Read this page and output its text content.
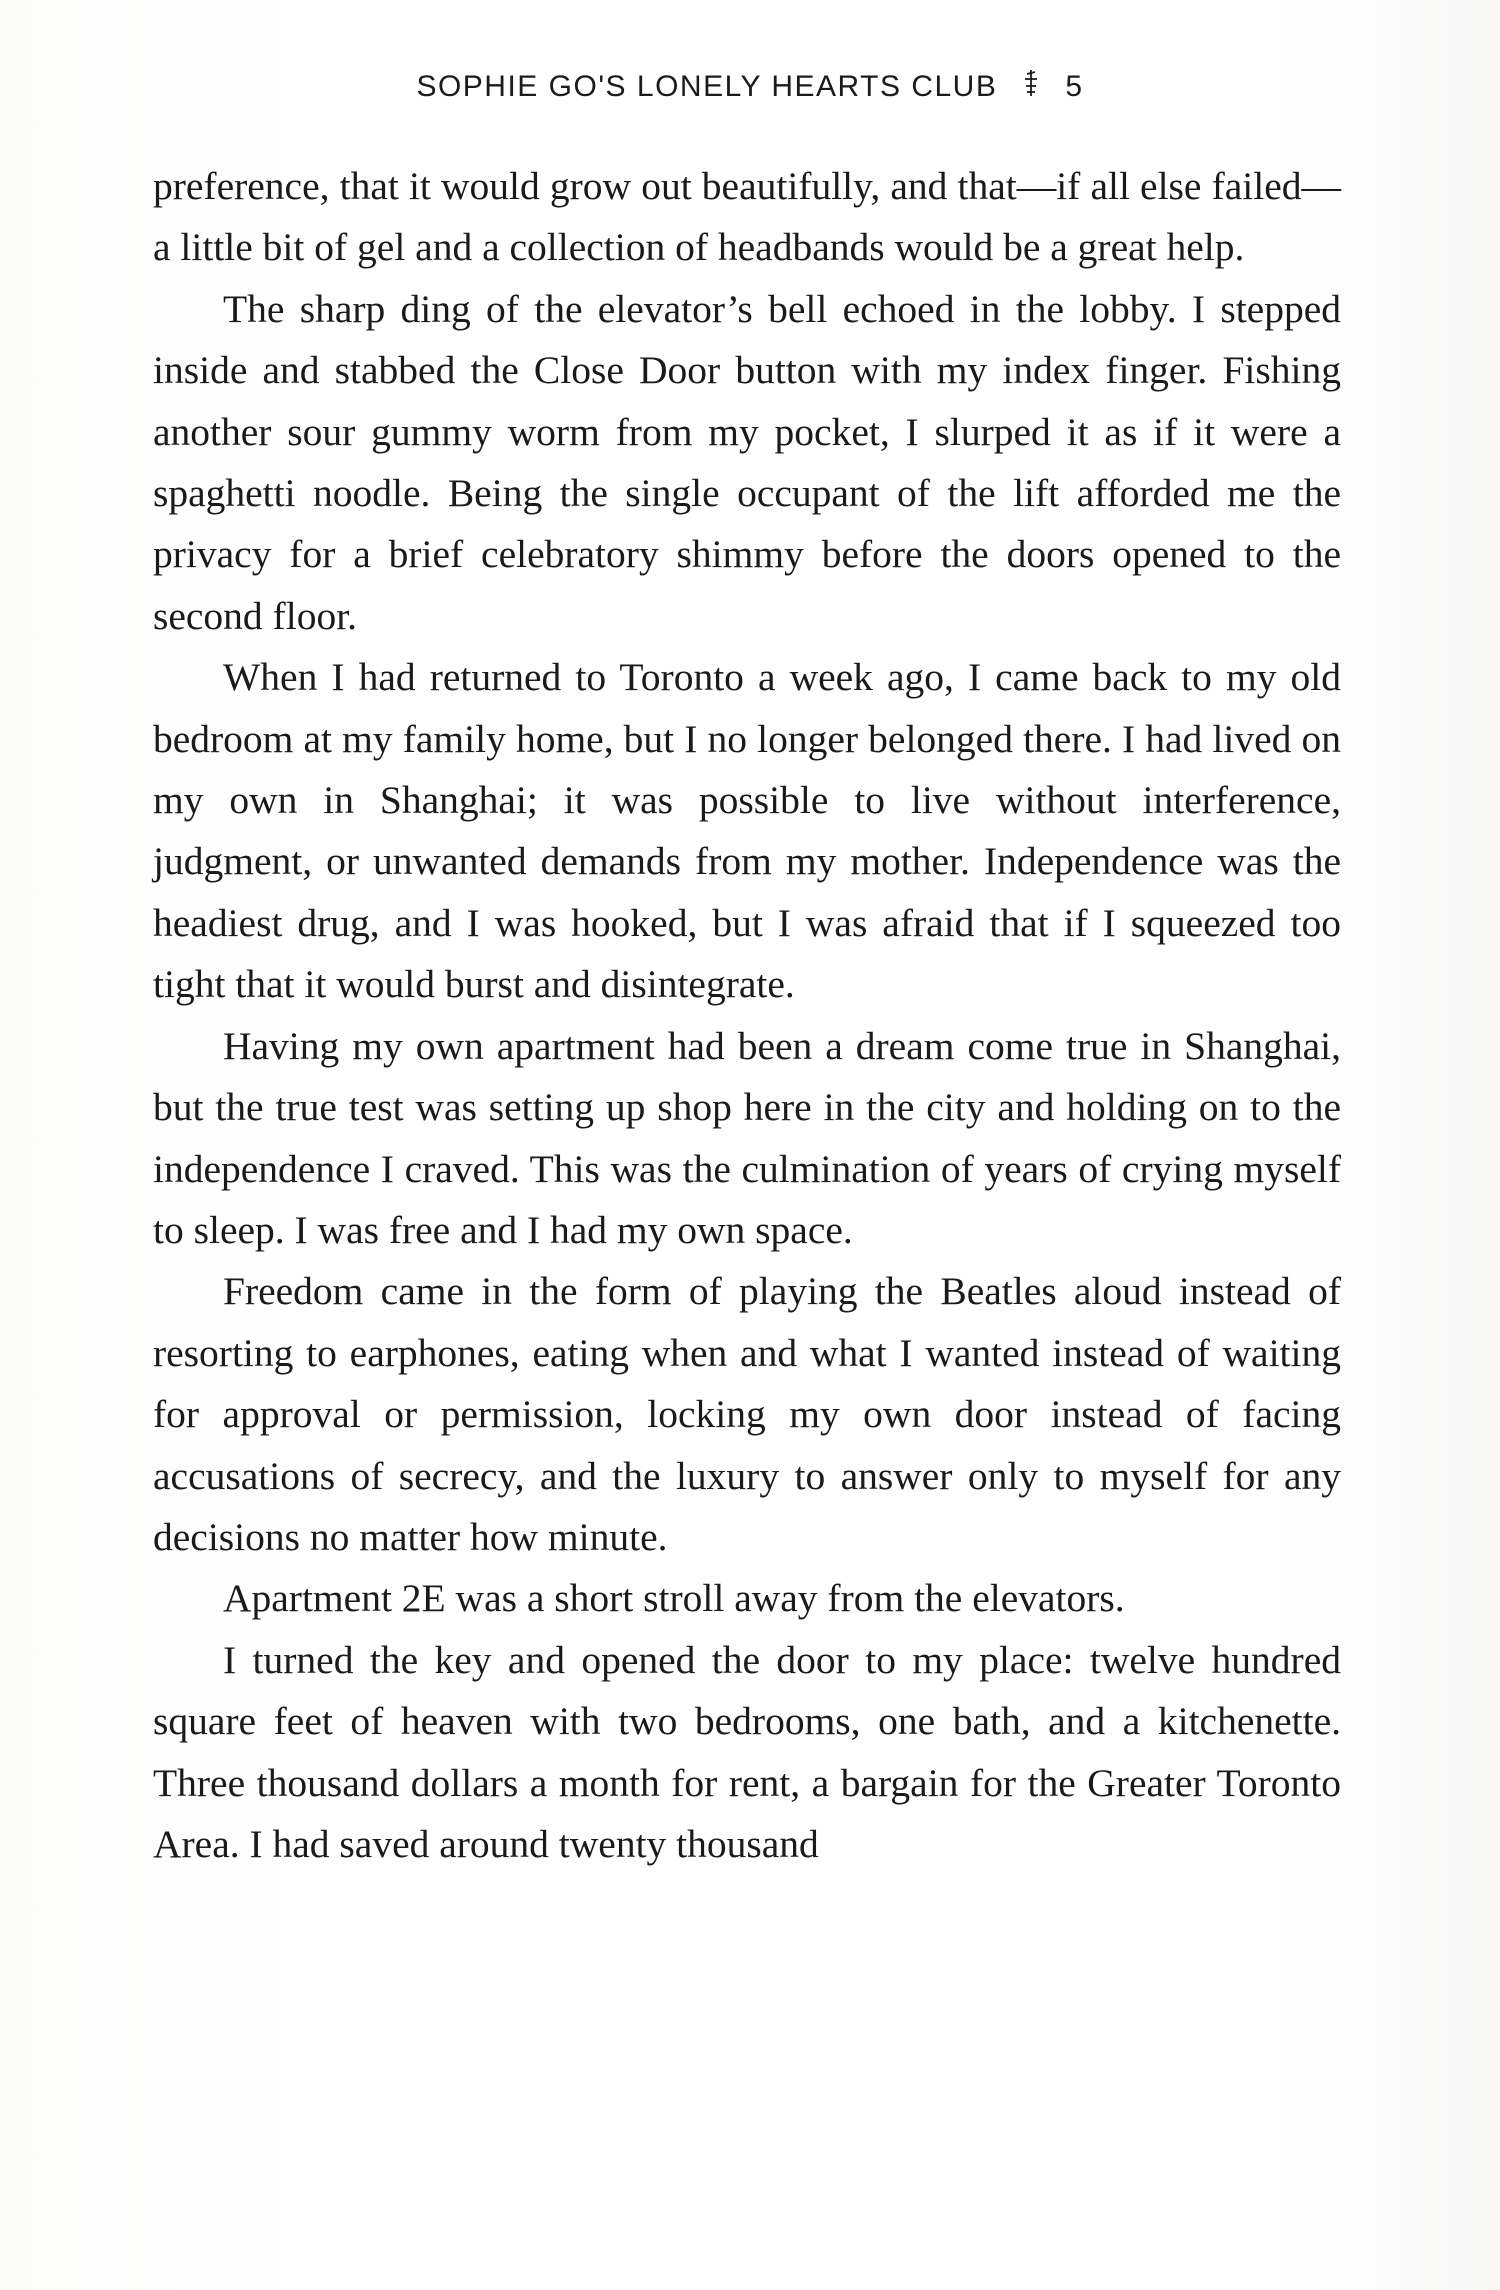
SOPHIE GO'S LONELY HEARTS CLUB 5

preference, that it would grow out beautifully, and that—if all else failed—a little bit of gel and a collection of headbands would be a great help.

The sharp ding of the elevator’s bell echoed in the lobby. I stepped inside and stabbed the Close Door button with my index finger. Fishing another sour gummy worm from my pocket, I slurped it as if it were a spaghetti noodle. Being the single occupant of the lift afforded me the privacy for a brief celebratory shimmy before the doors opened to the second floor.

When I had returned to Toronto a week ago, I came back to my old bedroom at my family home, but I no longer belonged there. I had lived on my own in Shanghai; it was possible to live without interference, judgment, or unwanted demands from my mother. Independence was the headiest drug, and I was hooked, but I was afraid that if I squeezed too tight that it would burst and disintegrate.

Having my own apartment had been a dream come true in Shanghai, but the true test was setting up shop here in the city and holding on to the independence I craved. This was the culmination of years of crying myself to sleep. I was free and I had my own space.

Freedom came in the form of playing the Beatles aloud instead of resorting to earphones, eating when and what I wanted instead of waiting for approval or permission, locking my own door instead of facing accusations of secrecy, and the luxury to answer only to myself for any decisions no matter how minute.

Apartment 2E was a short stroll away from the elevators.

I turned the key and opened the door to my place: twelve hundred square feet of heaven with two bedrooms, one bath, and a kitchenette. Three thousand dollars a month for rent, a bargain for the Greater Toronto Area. I had saved around twenty thousand
